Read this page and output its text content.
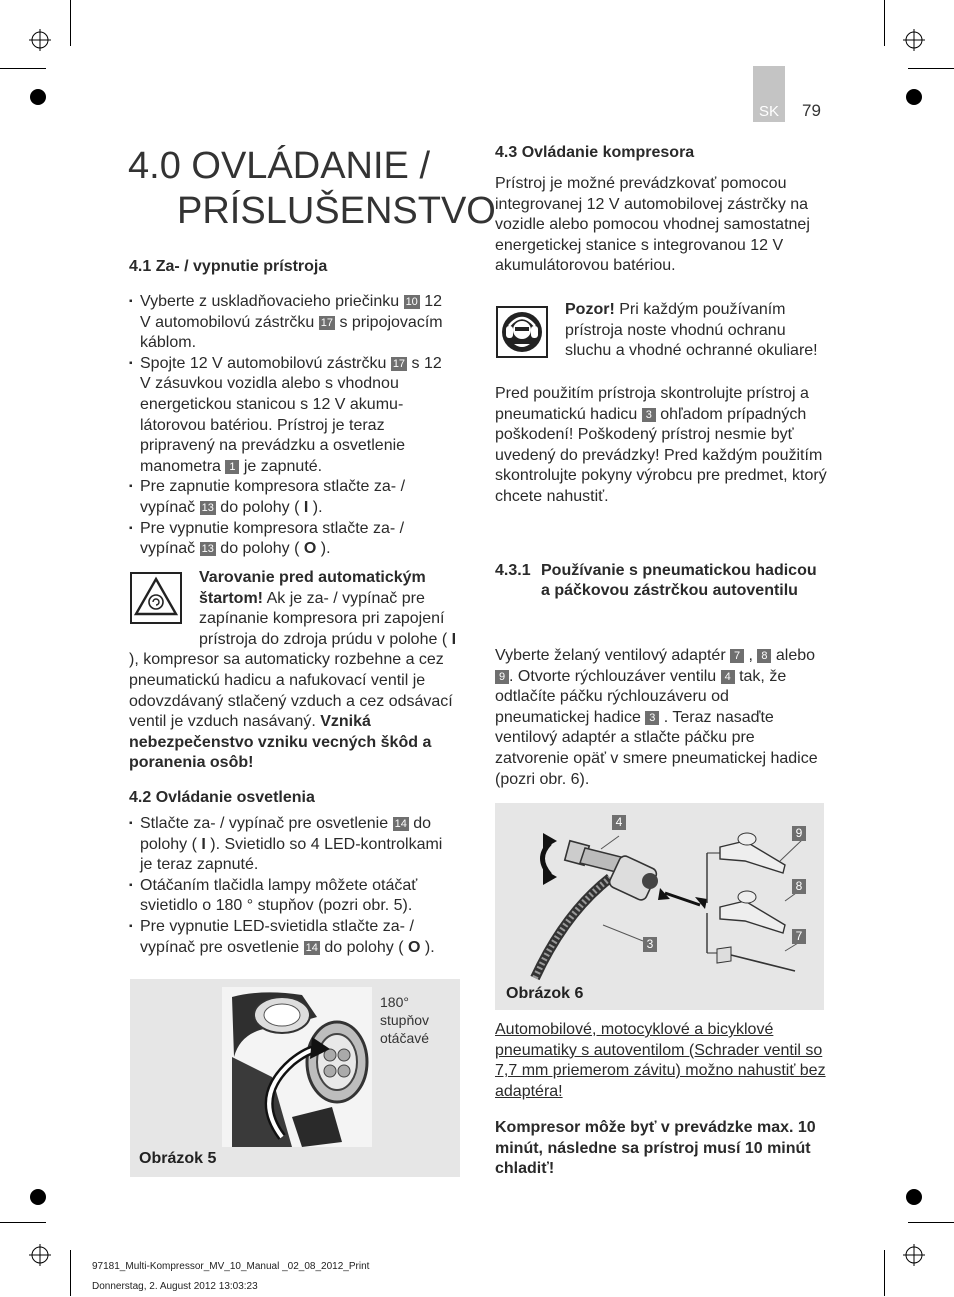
SK	79
4.0 OVLÁDANIE /
PRÍSLUŠENSTVO
4.1 Za- / vypnutie prístroja
▪ Vyberte z uskladňovacieho priečinku 10 12 V automobilovú zástrčku 17 s pripojovacím káblom.
▪ Spojte 12 V automobilovú zástrčku 17 s 12 V zásuvkou vozidla alebo s vhodnou energetickou stanicou s 12 V akumulátorovou batériou. Prístroj je teraz pripravený na prevádzku a osvetlenie manometra 1 je zapnuté.
▪ Pre zapnutie kompresora stlačte za- / vypínač 13 do polohy ( I ).
▪ Pre vypnutie kompresora stlačte za- / vypínač 13 do polohy ( O ).
Varovanie pred automatickým štartom! Ak je za- / vypínač pre zapínanie kompresora pri zapojení prístroja do zdroja prúdu v polohe ( I ), kompresor sa automaticky rozbehne a cez pneumatickú hadicu a nafukovací ventil je odovzdávaný stlačený vzduch a cez odsávací ventil je vzduch nasávaný. Vzniká nebezpečenstvo vzniku vecných škôd a poranenia osôb!
4.2 Ovládanie osvetlenia
▪ Stlačte za- / vypínač pre osvetlenie 14 do polohy ( I ). Svietidlo so 4 LED-kontrolkami je teraz zapnuté.
▪ Otáčaním tlačidla lampy môžete otáčať svietidlo o 180 ° stupňov (pozri obr. 5).
▪ Pre vypnutie LED-svietidla stlačte za- / vypínač pre osvetlenie 14 do polohy ( O ).
180°
stupňov
otáčavé
Obrázok 5
4.3 Ovládanie kompresora
Prístroj je možné prevádzkovať pomocou integrovanej 12 V automobilovej zástrčky na vozidle alebo pomocou vhodnej samostatnej energetickej stanice s integrovanou 12 V akumulátorovou batériou.
Pozor! Pri každým používaním prístroja noste vhodnú ochranu sluchu a vhodné ochranné okuliare!
Pred použitím prístroja skontrolujte prístroj a pneumatickú hadicu 3 ohľadom prípadných poškodení! Poškodený prístroj nesmie byť uvedený do prevádzky! Pred každým použitím skontrolujte pokyny výrobcu pre predmet, ktorý chcete nahustiť.
4.3.1 Používanie s pneumatickou hadicou a páčkovou zástrčkou autoventilu
Vyberte želaný ventilový adaptér 7 , 8 alebo 9 . Otvorte rýchlouzáver ventilu 4 tak, že odtlačíte páčku rýchlouzáveru od pneumatickej hadice 3 . Teraz nasaďte ventilový adaptér a stlačte páčku pre zatvorenie opäť v smere pneumatickej hadice (pozri obr. 6).
4
9
8
3
7
Obrázok 6
Automobilové, motocyklové a bicyklové pneumatiky s autoventilom (Schrader ventil so 7,7 mm priemerom závitu) možno nahustiť bez adaptéra!
Kompresor môže byť v prevádzke max. 10 minút, následne sa prístroj musí 10 minút chladiť!
97181_Multi-Kompressor_MV_10_Manual _02_08_2012_Print
Donnerstag, 2. August 2012 13:03:23
